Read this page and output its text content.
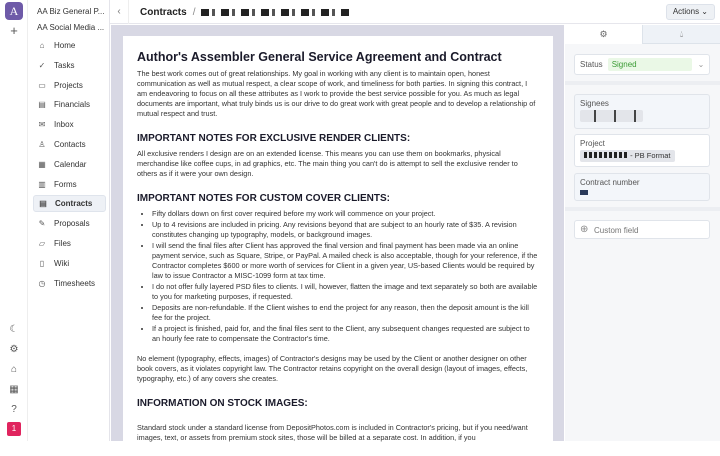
A
+
☾
⚙
⌂
▦
?
1
AA Biz General P...
AA Social Media ...
⌂	Home
✓ Tasks
▭ Projects
▤ Financials
✉ Inbox
♙ Contacts
▦ Calendar
▥ Forms
▤ Contracts
✎ Proposals
▱ Files
▯	Wiki
◷ Timesheets
‹	Contracts /	Actions ⌄
Author's Assembler General Service Agreement and Contract

The best work comes out of great relationships. My goal in working with any client is to maintain open, honest communication as well as mutual respect, a clear scope of work, and timeliness for both parties. In signing this contract, I am endeavoring to focus on all these attributes as I work to provide the best service possible for you. As much as legal documents are important, what truly binds us is our drive to do great work with great people and to develop a relationship of mutual respect and trust.

IMPORTANT NOTES FOR EXCLUSIVE RENDER CLIENTS:

All exclusive renders I design are on an extended license. This means you can use them on bookmarks, physical merchandise like coffee cups, in ad graphics, etc. The main thing you can't do is attempt to sell the exclusive render to others as if it were your own design.

IMPORTANT NOTES FOR CUSTOM COVER CLIENTS:
• Fifty dollars down on first cover required before my work will commence on your project.
• Up to 4 revisions are included in pricing. Any revisions beyond that are subject to an hourly rate of $35. A revision constitutes changing up typography, models, or background images.
• I will send the final files after Client has approved the final version and final payment has been made via an online payment service, such as Square, Stripe, or PayPal. A mailed check is also acceptable, though for your reference, if the Contractor completes $600 or more worth of services for Client in a given year, US-based Clients would be required by law to issue Contractor a MISC-1099 form at tax time.
• I do not offer fully layered PSD files to clients. I will, however, flatten the image and text separately so both are available to you for marketing purposes, if requested.
• Deposits are non-refundable. If the Client wishes to end the project for any reason, then the deposit amount is the kill fee for the project.
• If a project is finished, paid for, and the final files sent to the Client, any subsequent changes requested are subject to an hourly fee rate to compensate the Contractor's time.

No element (typography, effects, images) of Contractor's designs may be used by the Client or another designer on other book covers, as it violates copyright law. The Contractor retains copyright on the overall design (layout of images, effects, typography, etc.) of any covers she creates.

INFORMATION ON STOCK IMAGES:

Standard stock under a standard license from DepositPhotos.com is included in Contractor's pricing, but if you need/want images, text, or assets from premium stock sites, those will be billed at a separate cost. In addition, if you

⚙	💧︎
Status	Signed	⌄
Signees
Project
- PB Format
Contract number
⊕ Custom field
